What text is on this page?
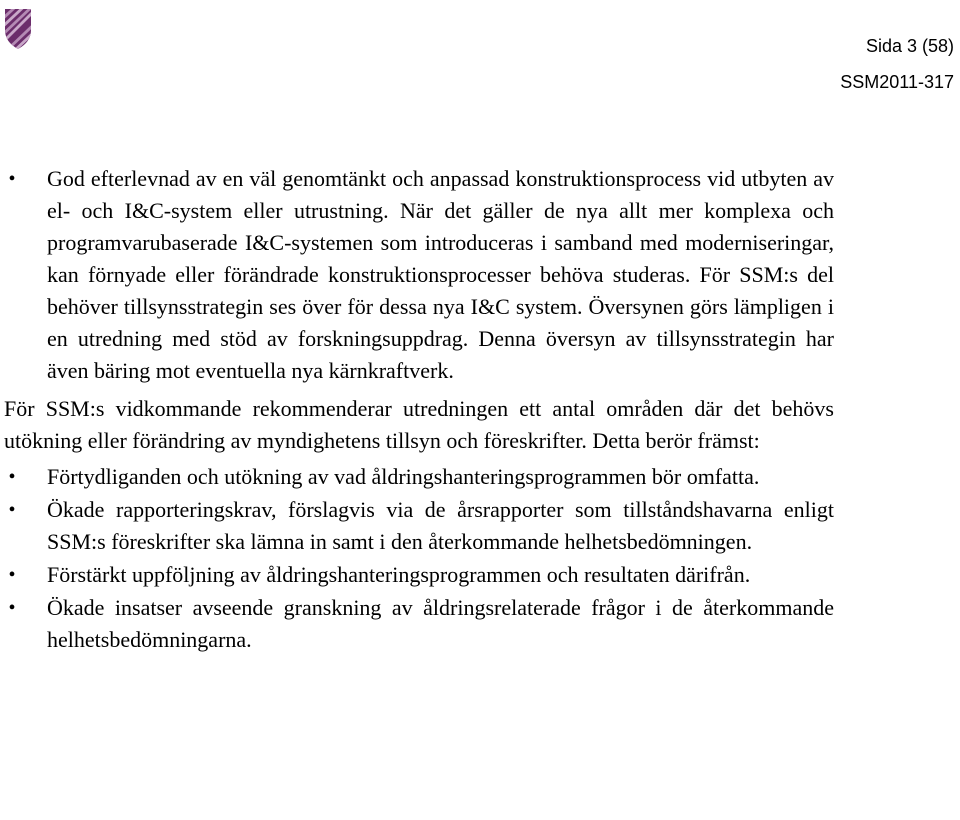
Sida 3 (58)
SSM2011-317
• God efterlevnad av en väl genomtänkt och anpassad konstruktionsprocess vid utbyten av el- och I&C-system eller utrustning. När det gäller de nya allt mer komplexa och programvarubaserade I&C-systemen som introduceras i samband med moderniseringar, kan förnyade eller förändrade konstruktionsprocesser behöva studeras. För SSM:s del behöver tillsynsstrategin ses över för dessa nya I&C system. Översynen görs lämpligen i en utredning med stöd av forskningsuppdrag. Denna översyn av tillsynsstrategin har även bäring mot eventuella nya kärnkraftverk.

För SSM:s vidkommande rekommenderar utredningen ett antal områden där det behövs utökning eller förändring av myndighetens tillsyn och föreskrifter. Detta berör främst:

• Förtydliganden och utökning av vad åldringshanteringsprogrammen bör omfatta.
• Ökade rapporteringskrav, förslagvis via de årsrapporter som tillståndshavarna enligt SSM:s föreskrifter ska lämna in samt i den återkommande helhetsbedömningen.
• Förstärkt uppföljning av åldringshanteringsprogrammen och resultaten därifrån.
• Ökade insatser avseende granskning av åldringsrelaterade frågor i de återkommande helhetsbedömningarna.
